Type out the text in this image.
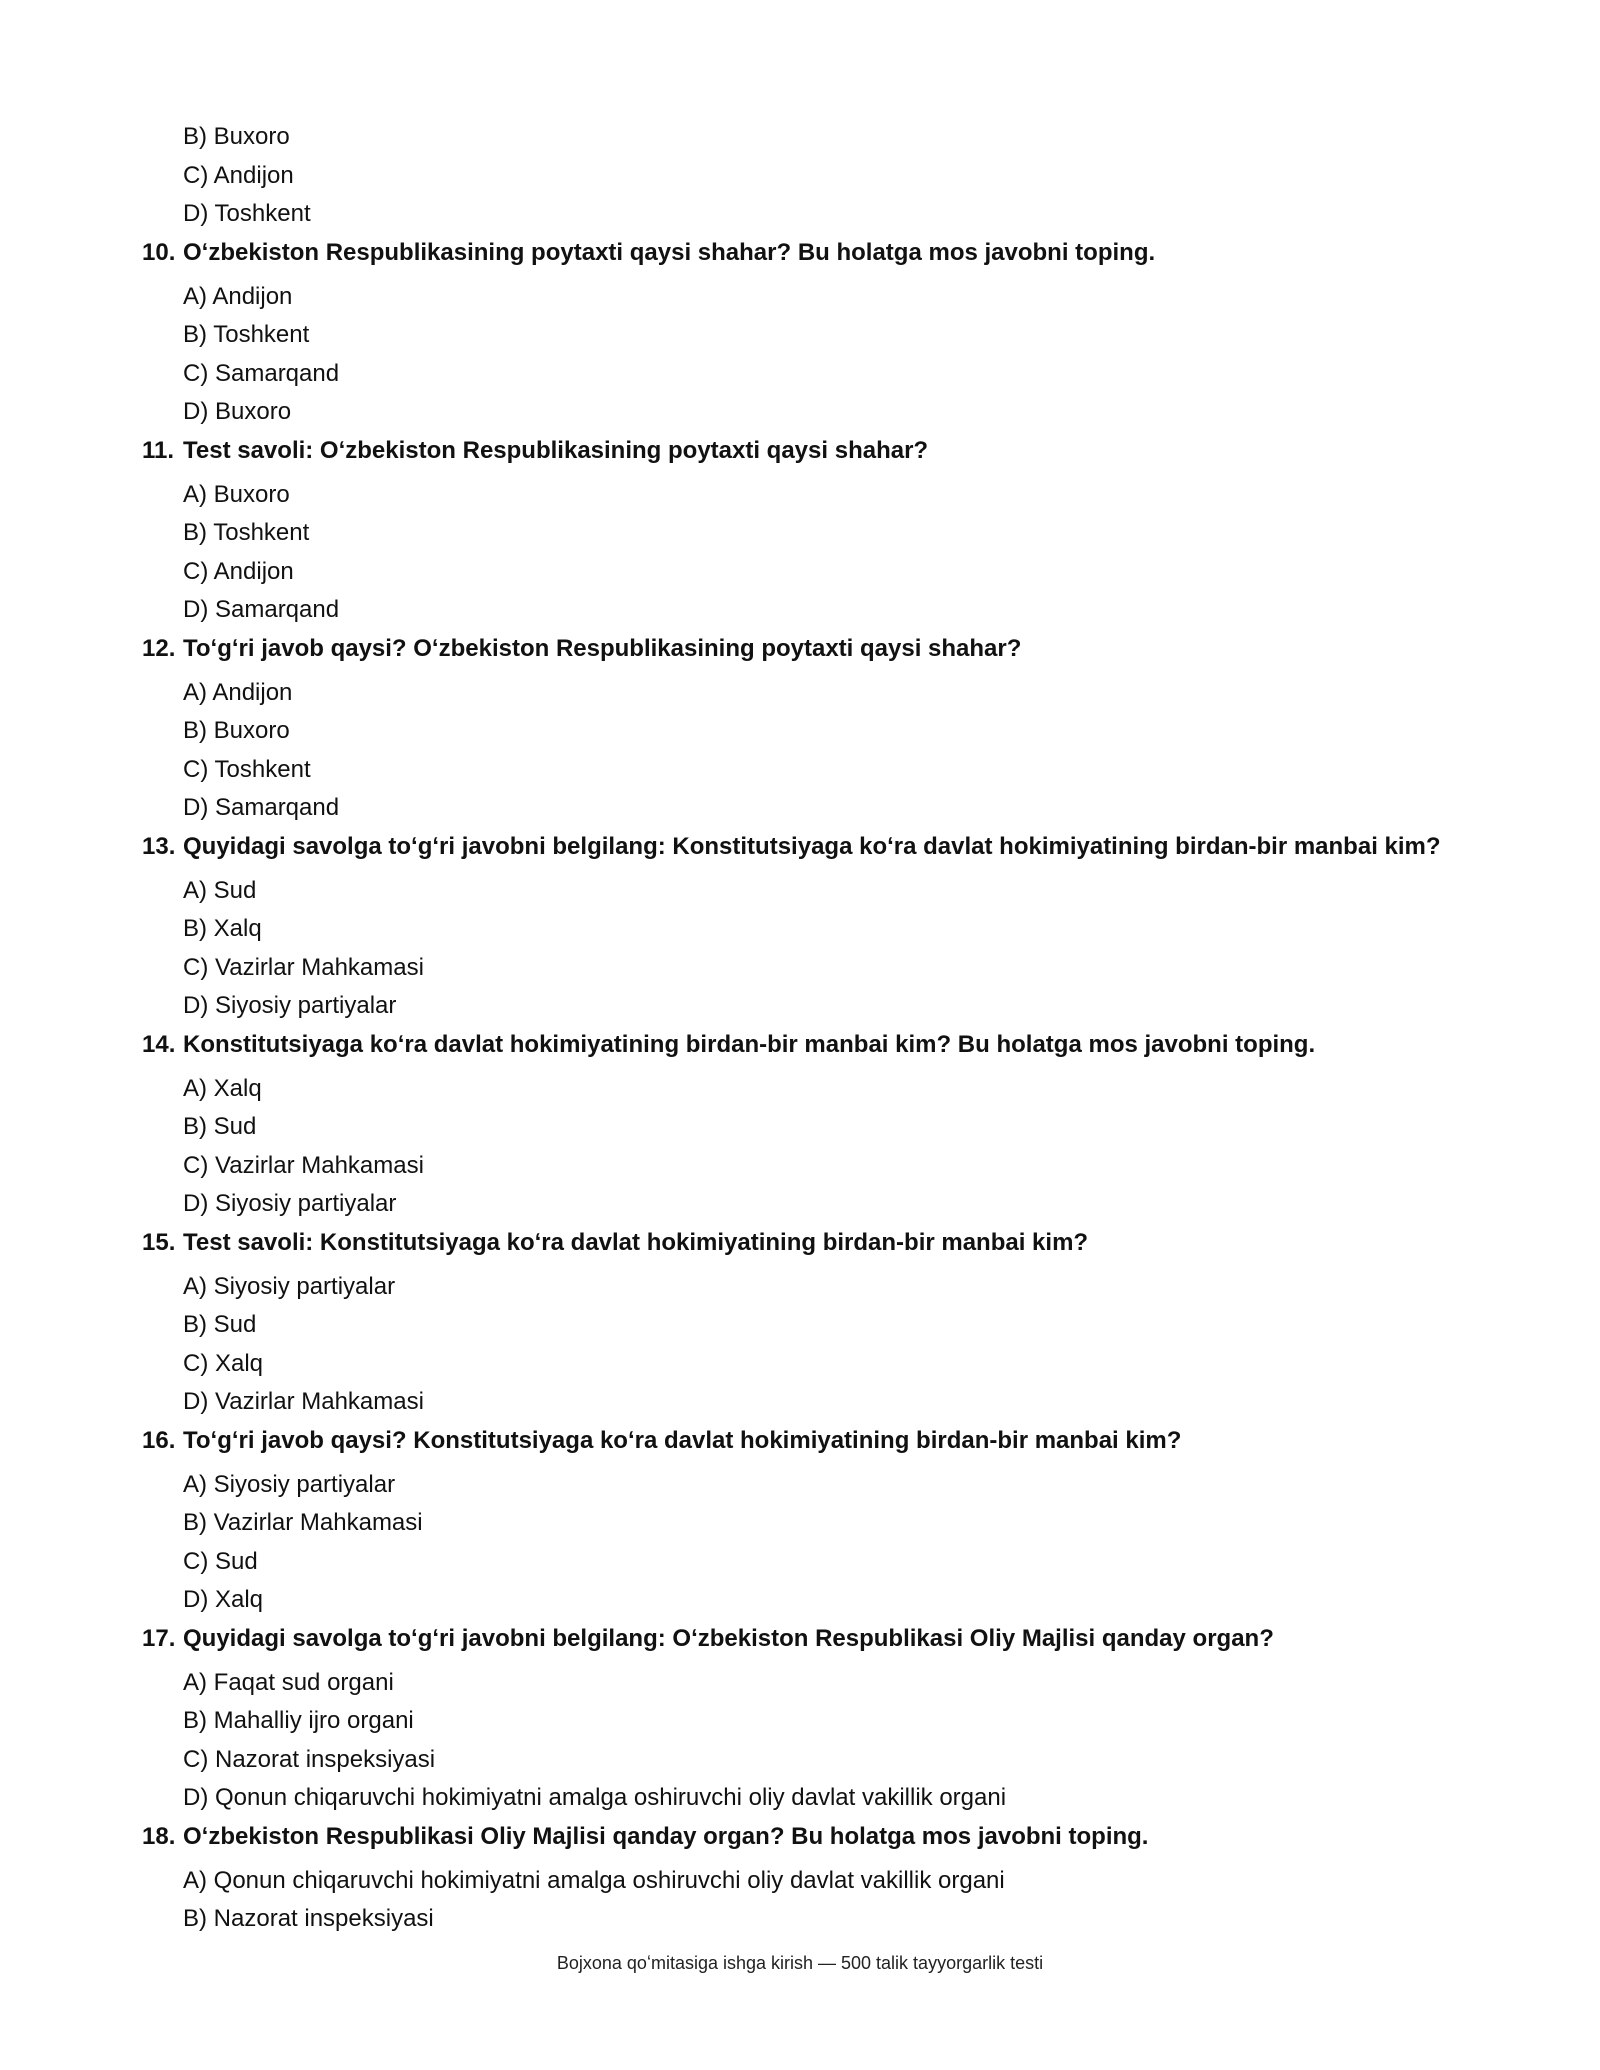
B) Buxoro
C) Andijon
D) Toshkent
10. Oʻzbekiston Respublikasining poytaxti qaysi shahar? Bu holatga mos javobni toping.
A) Andijon
B) Toshkent
C) Samarqand
D) Buxoro
11. Test savoli: Oʻzbekiston Respublikasining poytaxti qaysi shahar?
A) Buxoro
B) Toshkent
C) Andijon
D) Samarqand
12. Toʻgʻri javob qaysi? Oʻzbekiston Respublikasining poytaxti qaysi shahar?
A) Andijon
B) Buxoro
C) Toshkent
D) Samarqand
13. Quyidagi savolga toʻgʻri javobni belgilang: Konstitutsiyaga koʻra davlat hokimiyatining birdan-bir manbai kim?
A) Sud
B) Xalq
C) Vazirlar Mahkamasi
D) Siyosiy partiyalar
14. Konstitutsiyaga koʻra davlat hokimiyatining birdan-bir manbai kim? Bu holatga mos javobni toping.
A) Xalq
B) Sud
C) Vazirlar Mahkamasi
D) Siyosiy partiyalar
15. Test savoli: Konstitutsiyaga koʻra davlat hokimiyatining birdan-bir manbai kim?
A) Siyosiy partiyalar
B) Sud
C) Xalq
D) Vazirlar Mahkamasi
16. Toʻgʻri javob qaysi? Konstitutsiyaga koʻra davlat hokimiyatining birdan-bir manbai kim?
A) Siyosiy partiyalar
B) Vazirlar Mahkamasi
C) Sud
D) Xalq
17. Quyidagi savolga toʻgʻri javobni belgilang: Oʻzbekiston Respublikasi Oliy Majlisi qanday organ?
A) Faqat sud organi
B) Mahalliy ijro organi
C) Nazorat inspeksiyasi
D) Qonun chiqaruvchi hokimiyatni amalga oshiruvchi oliy davlat vakillik organi
18. Oʻzbekiston Respublikasi Oliy Majlisi qanday organ? Bu holatga mos javobni toping.
A) Qonun chiqaruvchi hokimiyatni amalga oshiruvchi oliy davlat vakillik organi
B) Nazorat inspeksiyasi
Bojxona qoʻmitasiga ishga kirish — 500 talik tayyorgarlik testi
